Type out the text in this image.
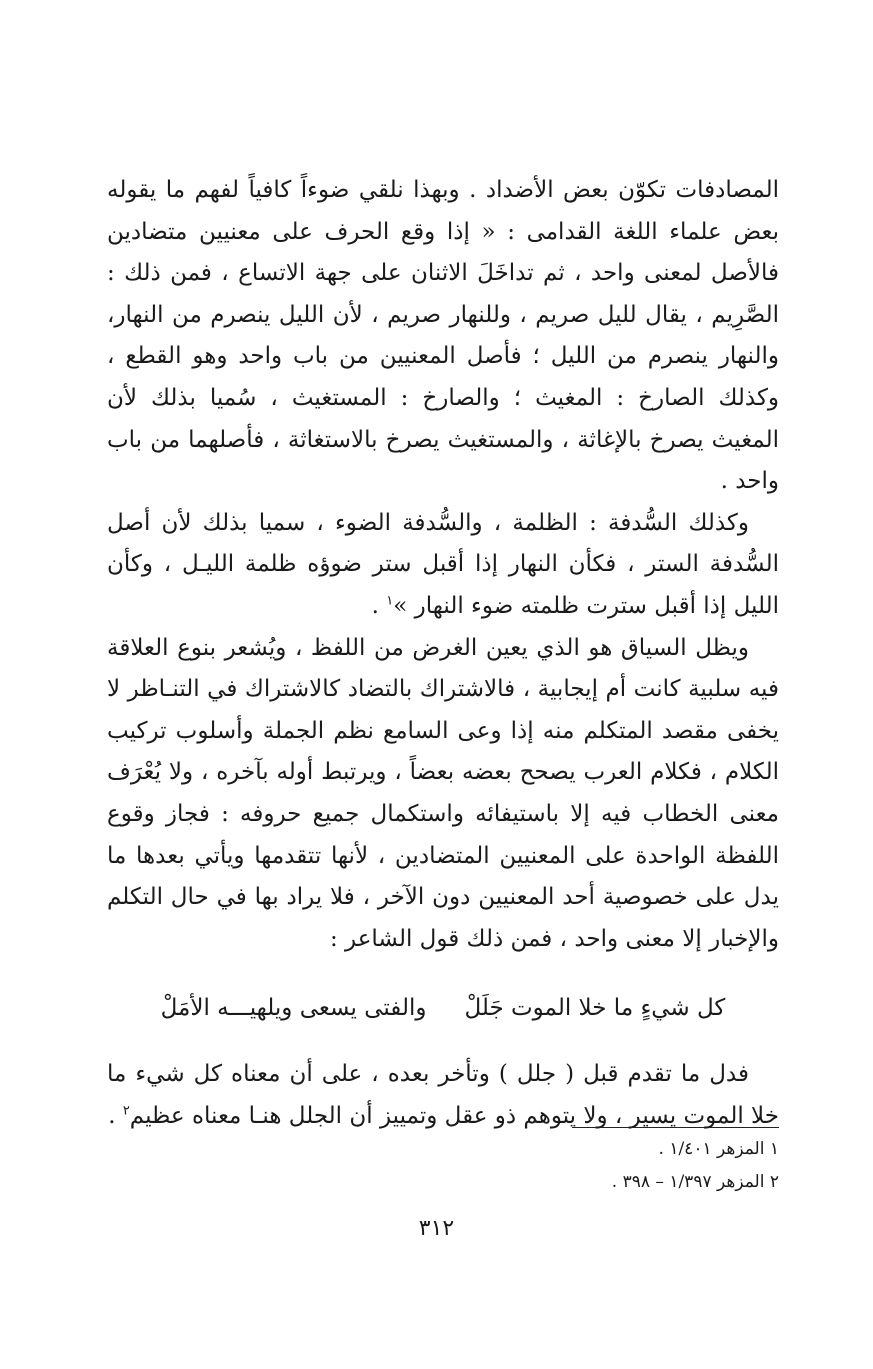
المصادفات تكوّن بعض الأضداد . وبهذا نلقي ضوءاً كافياً لفهم ما يقوله بعض علماء اللغة القدامى : « إذا وقع الحرف على معنيين متضادين فالأصل لمعنى واحد ، ثم تداخَلَ الاثنان على جهة الاتساع ، فمن ذلك : الصَّرِيم ، يقال لليل صريم ، وللنهار صريم ، لأن الليل ينصرم من النهار، والنهار ينصرم من الليل ؛ فأصل المعنيين من باب واحد وهو القطع ، وكذلك الصارخ : المغيث ؛ والصارخ : المستغيث ، سُميا بذلك لأن المغيث يصرخ بالإغاثة ، والمستغيث يصرخ بالاستغاثة ، فأصلهما من باب واحد .

وكذلك السُّدفة : الظلمة ، والسُّدفة الضوء ، سميا بذلك لأن أصل السُّدفة الستر ، فكأن النهار إذا أقبل ستر ضوؤه ظلمة الليـل ، وكأن الليل إذا أقبل سترت ظلمته ضوء النهار »$^١$ .

ويظل السياق هو الذي يعين الغرض من اللفظ ، ويُشعر بنوع العلاقة فيه سلبية كانت أم إيجابية ، فالاشتراك بالتضاد كالاشتراك في التنـاظر لا يخفى مقصد المتكلم منه إذا وعى السامع نظم الجملة وأسلوب تركيب الكلام ، فكلام العرب يصحح بعضه بعضاً ، ويرتبط أوله بآخره ، ولا يُعْرَف معنى الخطاب فيه إلا باستيفائه واستكمال جميع حروفه : فجاز وقوع اللفظة الواحدة على المعنيين المتضادين ، لأنها تتقدمها ويأتي بعدها ما يدل على خصوصية أحد المعنيين دون الآخر ، فلا يراد بها في حال التكلم والإخبار إلا معنى واحد ، فمن ذلك قول الشاعر :

كل شيءٍ ما خلا الموت جَلَلْ
والفتى يسعى ويلهيـــه الأمَلْ

فدل ما تقدم قبل ( جلل ) وتأخر بعده ، على أن معناه كل شيء ما خلا الموت يسير ، ولا يتوهم ذو عقل وتمييز أن الجلل هنـا معناه عظيم$^٢$ .

١ المزهر ١/٤٠١ .

٢ المزهر ١/٣٩٧ – ٣٩٨ .

٣١٢
